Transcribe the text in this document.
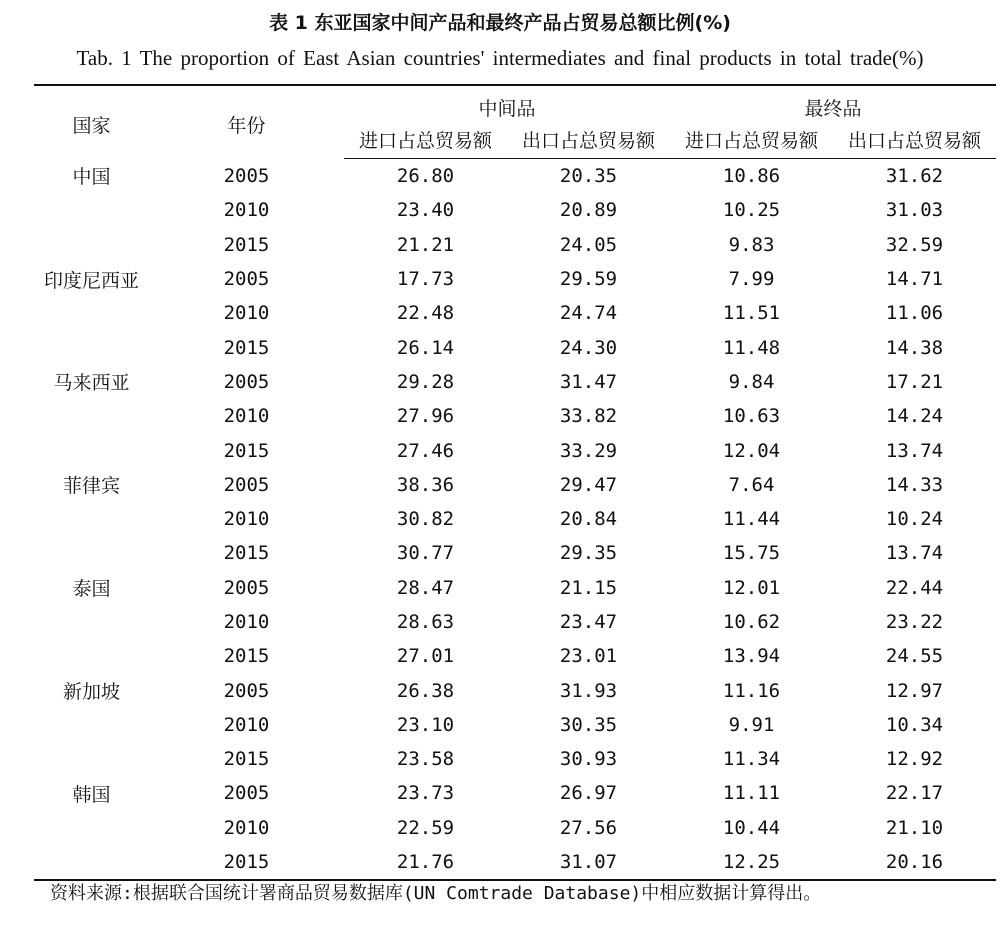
表 1 东亚国家中间产品和最终产品占贸易总额比例(%)
Tab. 1 The proportion of East Asian countries' intermediates and final products in total trade(%)
国家	年份	中间品		最终品	
		进口占总贸易额	出口占总贸易额	进口占总贸易额	出口占总贸易额
中国	2005	26.80	20.35	10.86	31.62
	2010	23.40	20.89	10.25	31.03
	2015	21.21	24.05	9.83	32.59
印度尼西亚	2005	17.73	29.59	7.99	14.71
	2010	22.48	24.74	11.51	11.06
	2015	26.14	24.30	11.48	14.38
马来西亚	2005	29.28	31.47	9.84	17.21
	2010	27.96	33.82	10.63	14.24
	2015	27.46	33.29	12.04	13.74
菲律宾	2005	38.36	29.47	7.64	14.33
	2010	30.82	20.84	11.44	10.24
	2015	30.77	29.35	15.75	13.74
泰国	2005	28.47	21.15	12.01	22.44
	2010	28.63	23.47	10.62	23.22
	2015	27.01	23.01	13.94	24.55
新加坡	2005	26.38	31.93	11.16	12.97
	2010	23.10	30.35	9.91	10.34
	2015	23.58	30.93	11.34	12.92
韩国	2005	23.73	26.97	11.11	22.17
	2010	22.59	27.56	10.44	21.10
	2015	21.76	31.07	12.25	20.16
资料来源:根据联合国统计署商品贸易数据库(UN Comtrade Database)中相应数据计算得出。
